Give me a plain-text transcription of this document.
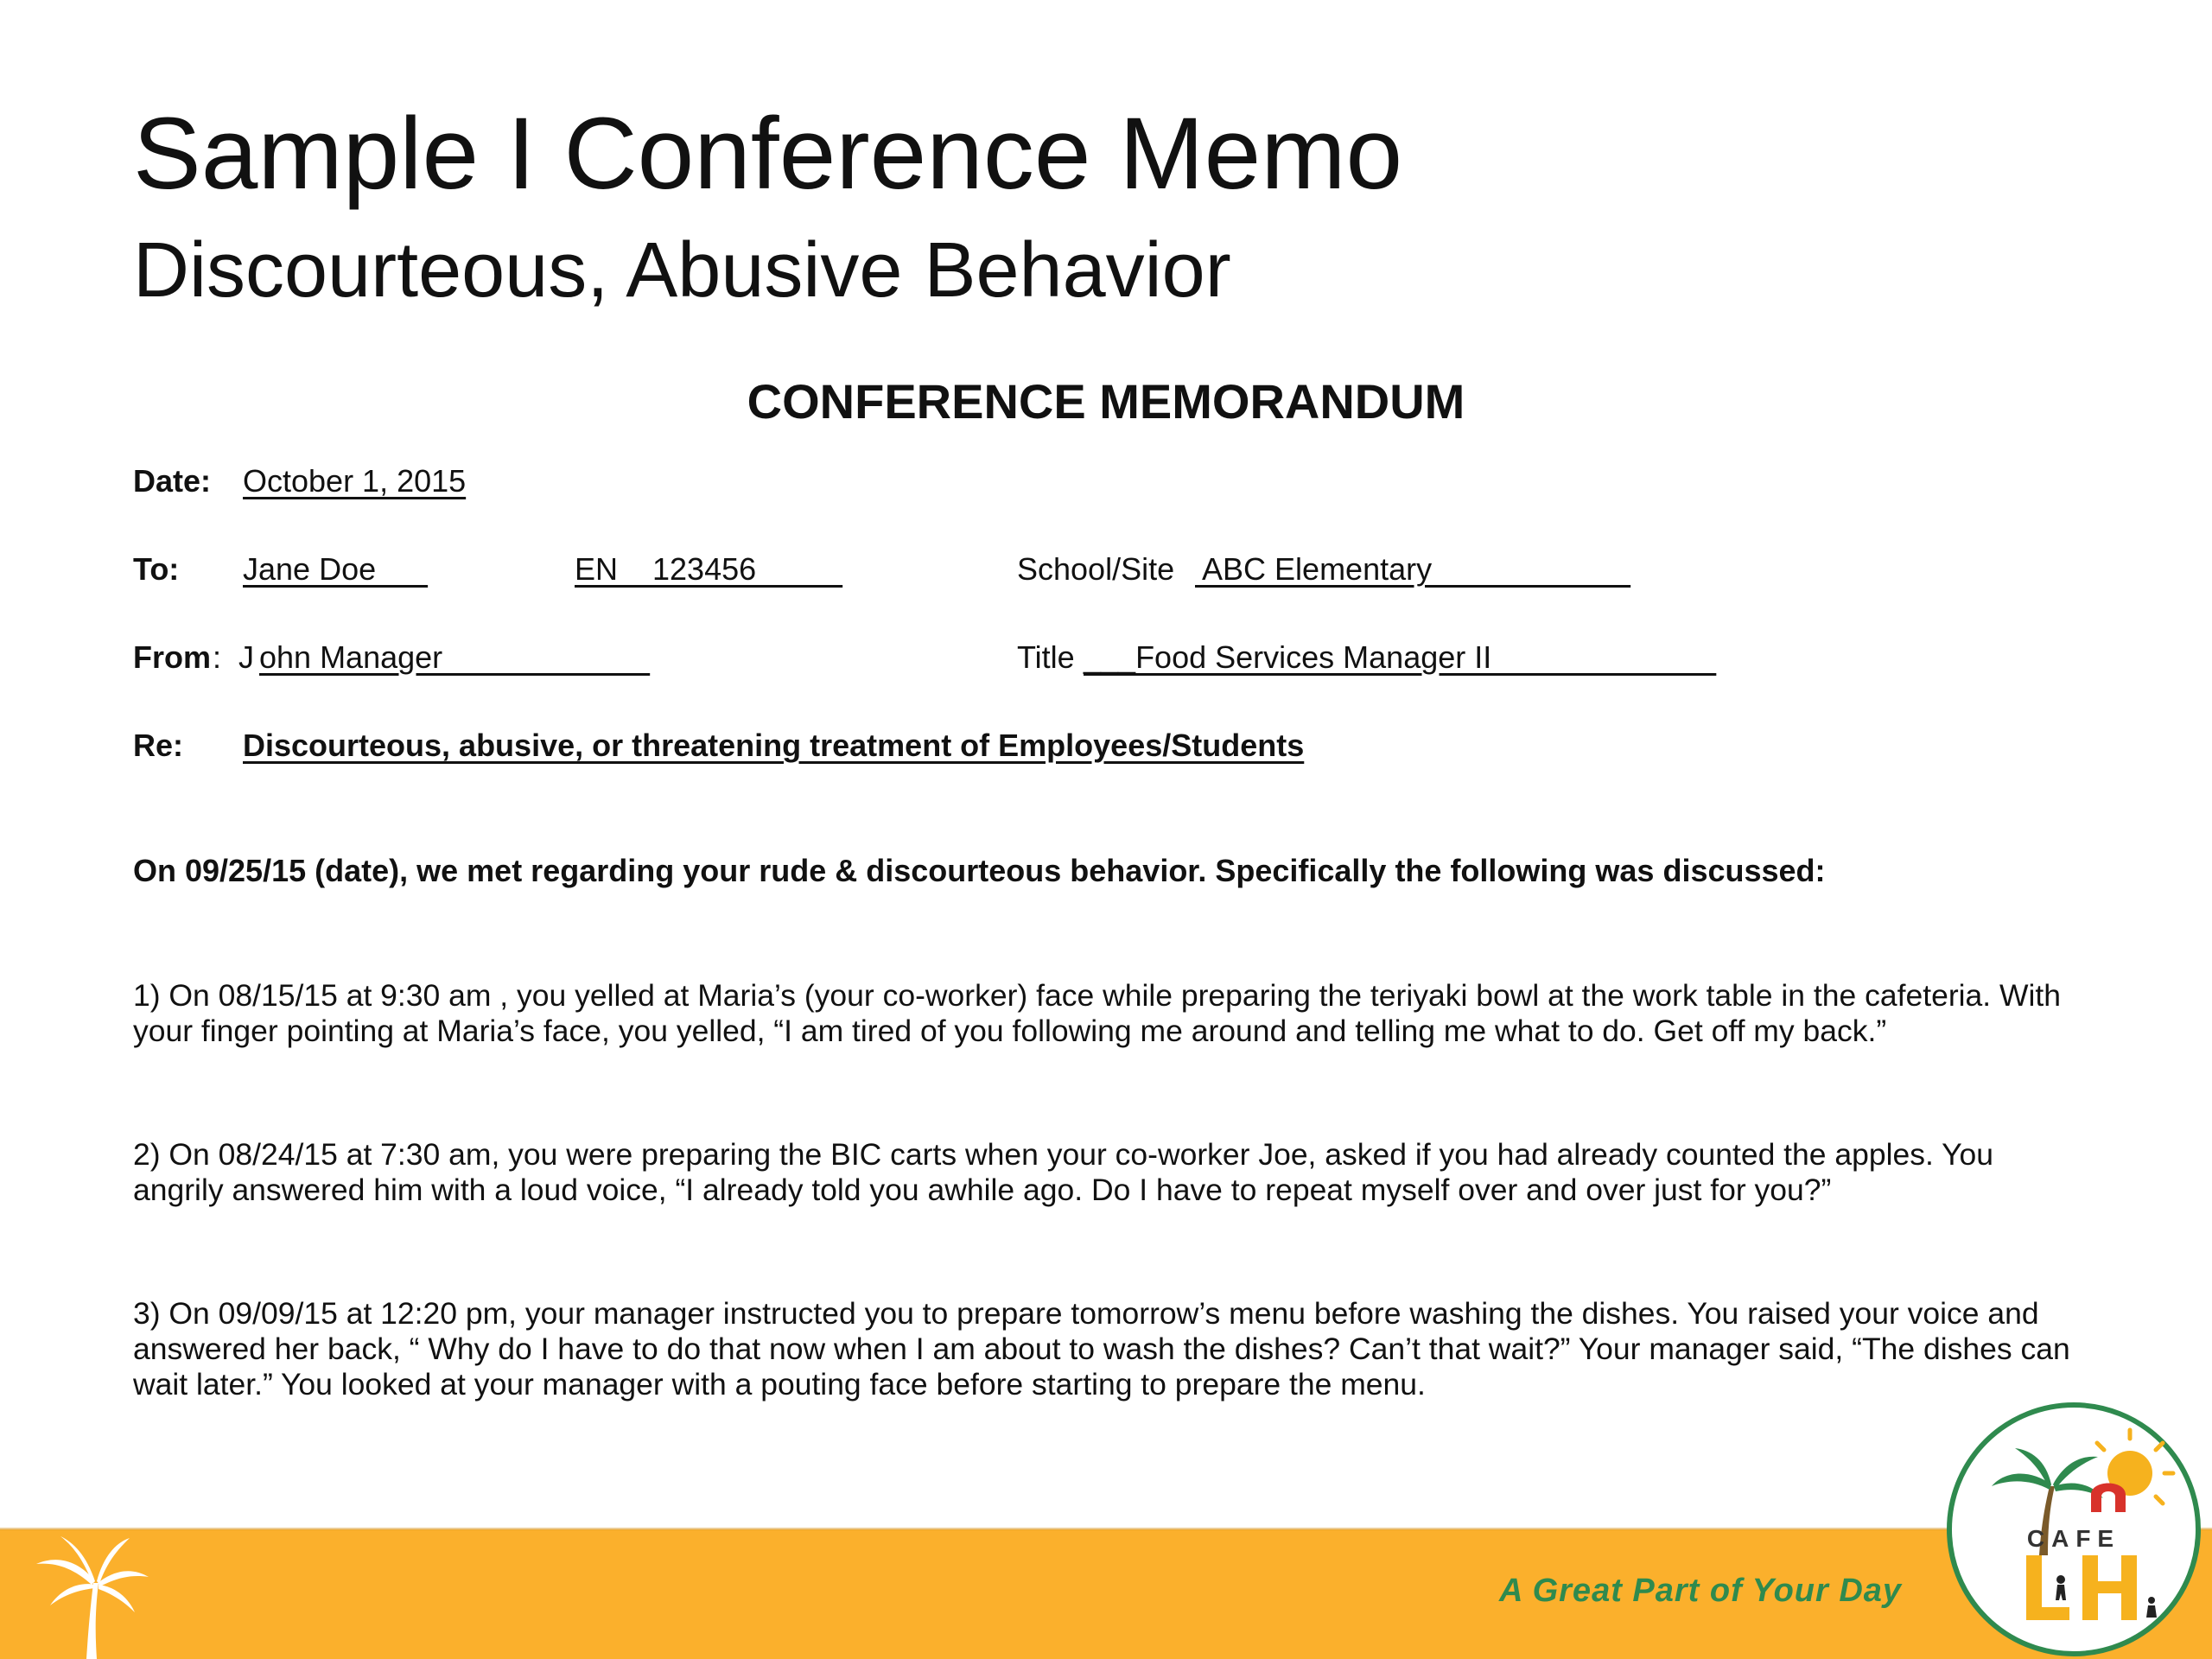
Sample I Conference Memo
Discourteous, Abusive Behavior
CONFERENCE MEMORANDUM
Date: October 1, 2015
To: Jane Doe	EN    123456	School/Site ABC Elementary
From :  J ohn Manager	Title ___Food Services Manager II
Re: Discourteous, abusive, or threatening treatment of Employees/Students
On 09/25/15 (date), we met regarding your rude & discourteous behavior. Specifically the following was discussed:
1) On 08/15/15 at 9:30 am , you yelled at Maria’s (your co-worker) face while preparing the teriyaki bowl at the work table in the cafeteria. With your finger pointing at Maria’s face, you yelled, “I am tired of you following me around and telling me what to do. Get off my back.”
2) On 08/24/15 at 7:30 am, you were preparing the BIC carts when your co-worker Joe, asked if you had already counted the apples. You angrily answered him with a loud voice, “I already told you awhile ago. Do I have to repeat myself over and over just for you?”
3) On 09/09/15 at 12:20 pm, your manager instructed you to prepare tomorrow’s menu before washing the dishes. You raised your voice and answered her back, “ Why do I have to do that now when I am about to wash the dishes? Can’t that wait?” Your manager said, “The dishes can wait later.” You looked at your manager with a pouting face before starting to prepare the menu.
A Great Part of Your Day
CAFE
